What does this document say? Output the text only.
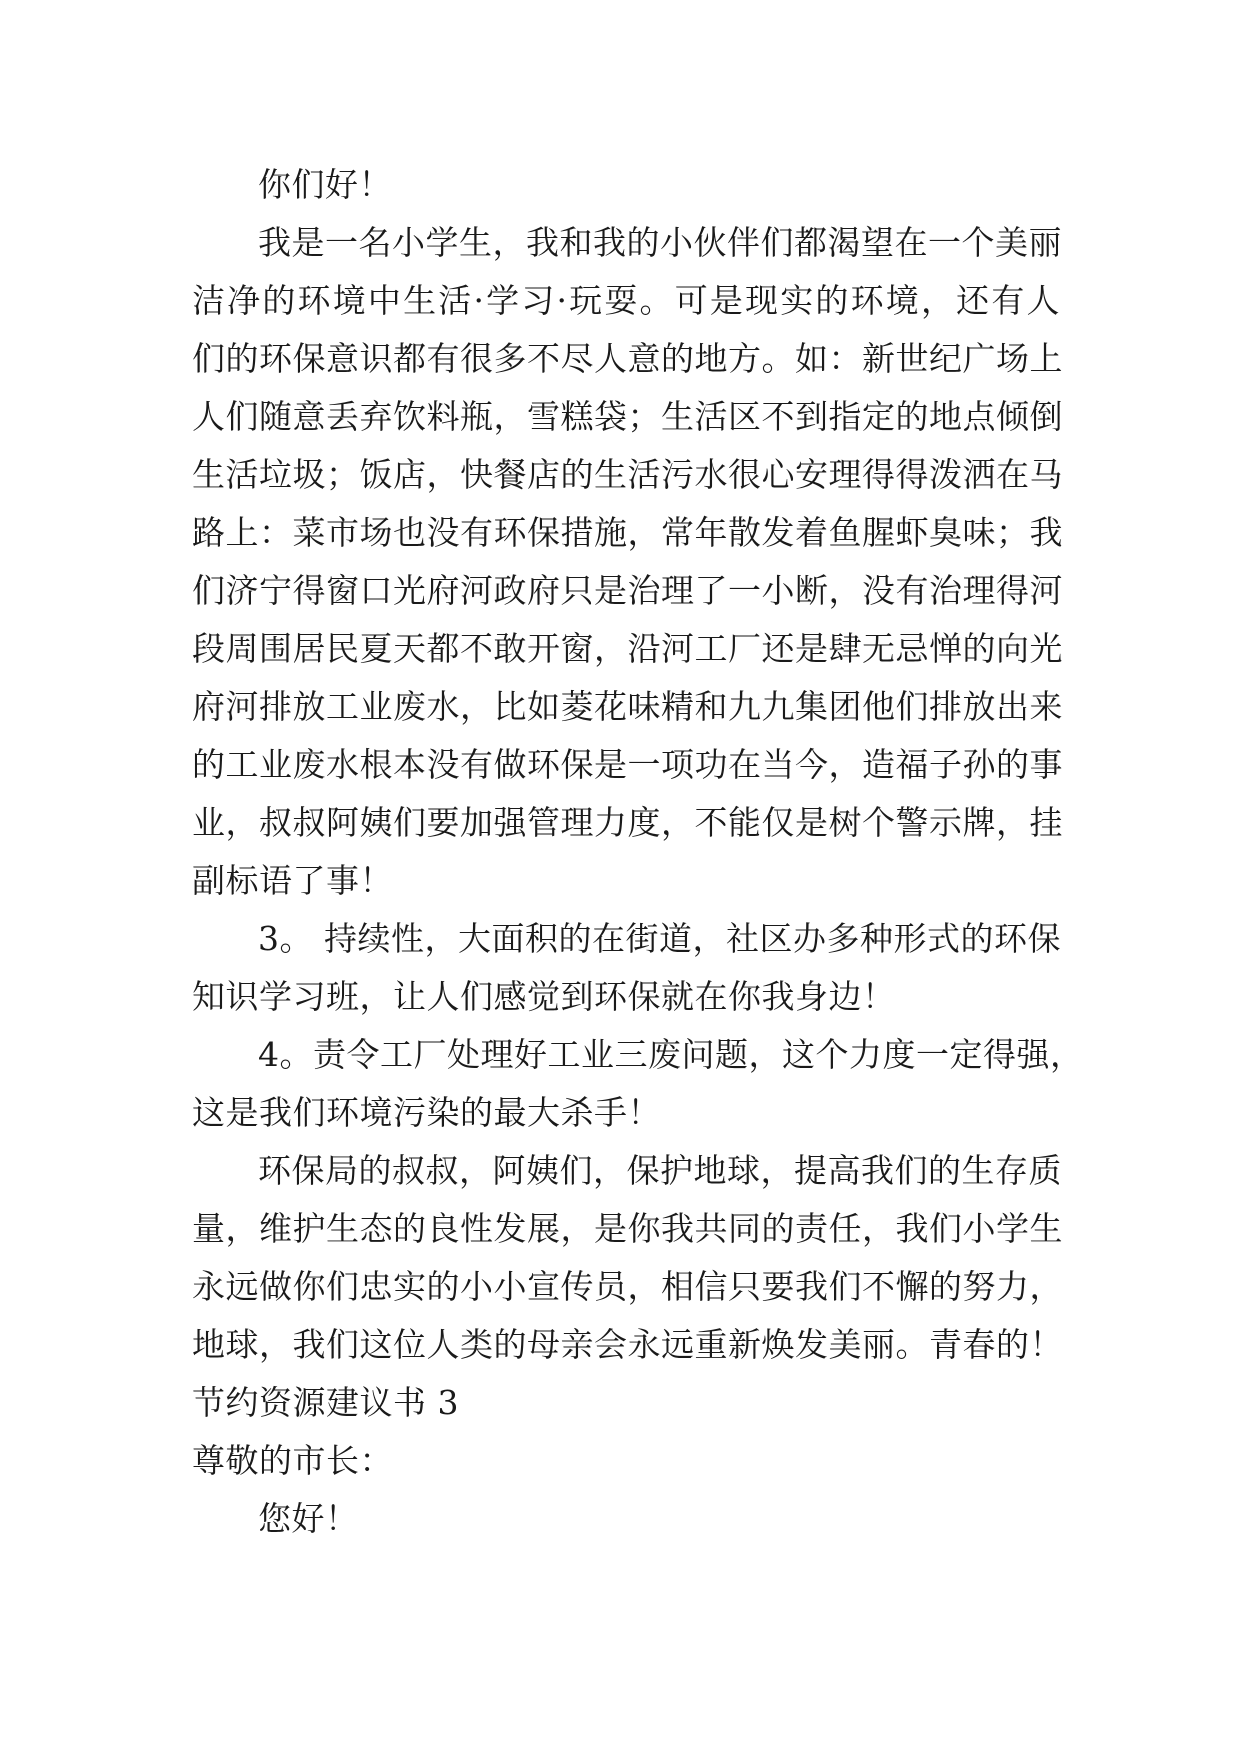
你们好！
我是一名小学生，我和我的小伙伴们都渴望在一个美丽
洁净的环境中生活·学习·玩耍。可是现实的环境，还有人
们的环保意识都有很多不尽人意的地方。如：新世纪广场上
人们随意丢弃饮料瓶，雪糕袋；生活区不到指定的地点倾倒
生活垃圾；饭店，快餐店的生活污水很心安理得得泼洒在马
路上：菜市场也没有环保措施，常年散发着鱼腥虾臭味；我
们济宁得窗口光府河政府只是治理了一小断，没有治理得河
段周围居民夏天都不敢开窗，沿河工厂还是肆无忌惮的向光
府河排放工业废水，比如菱花味精和九九集团他们排放出来
的工业废水根本没有做环保是一项功在当今，造福子孙的事
业，叔叔阿姨们要加强管理力度，不能仅是树个警示牌，挂
副标语了事！
3。 持续性，大面积的在街道，社区办多种形式的环保
知识学习班，让人们感觉到环保就在你我身边！
4。责令工厂处理好工业三废问题，这个力度一定得强，
这是我们环境污染的最大杀手！
环保局的叔叔，阿姨们，保护地球，提高我们的生存质
量，维护生态的良性发展，是你我共同的责任，我们小学生
永远做你们忠实的小小宣传员，相信只要我们不懈的努力，
地球，我们这位人类的母亲会永远重新焕发美丽。青春的！
节约资源建议书 3
尊敬的市长：
您好！
